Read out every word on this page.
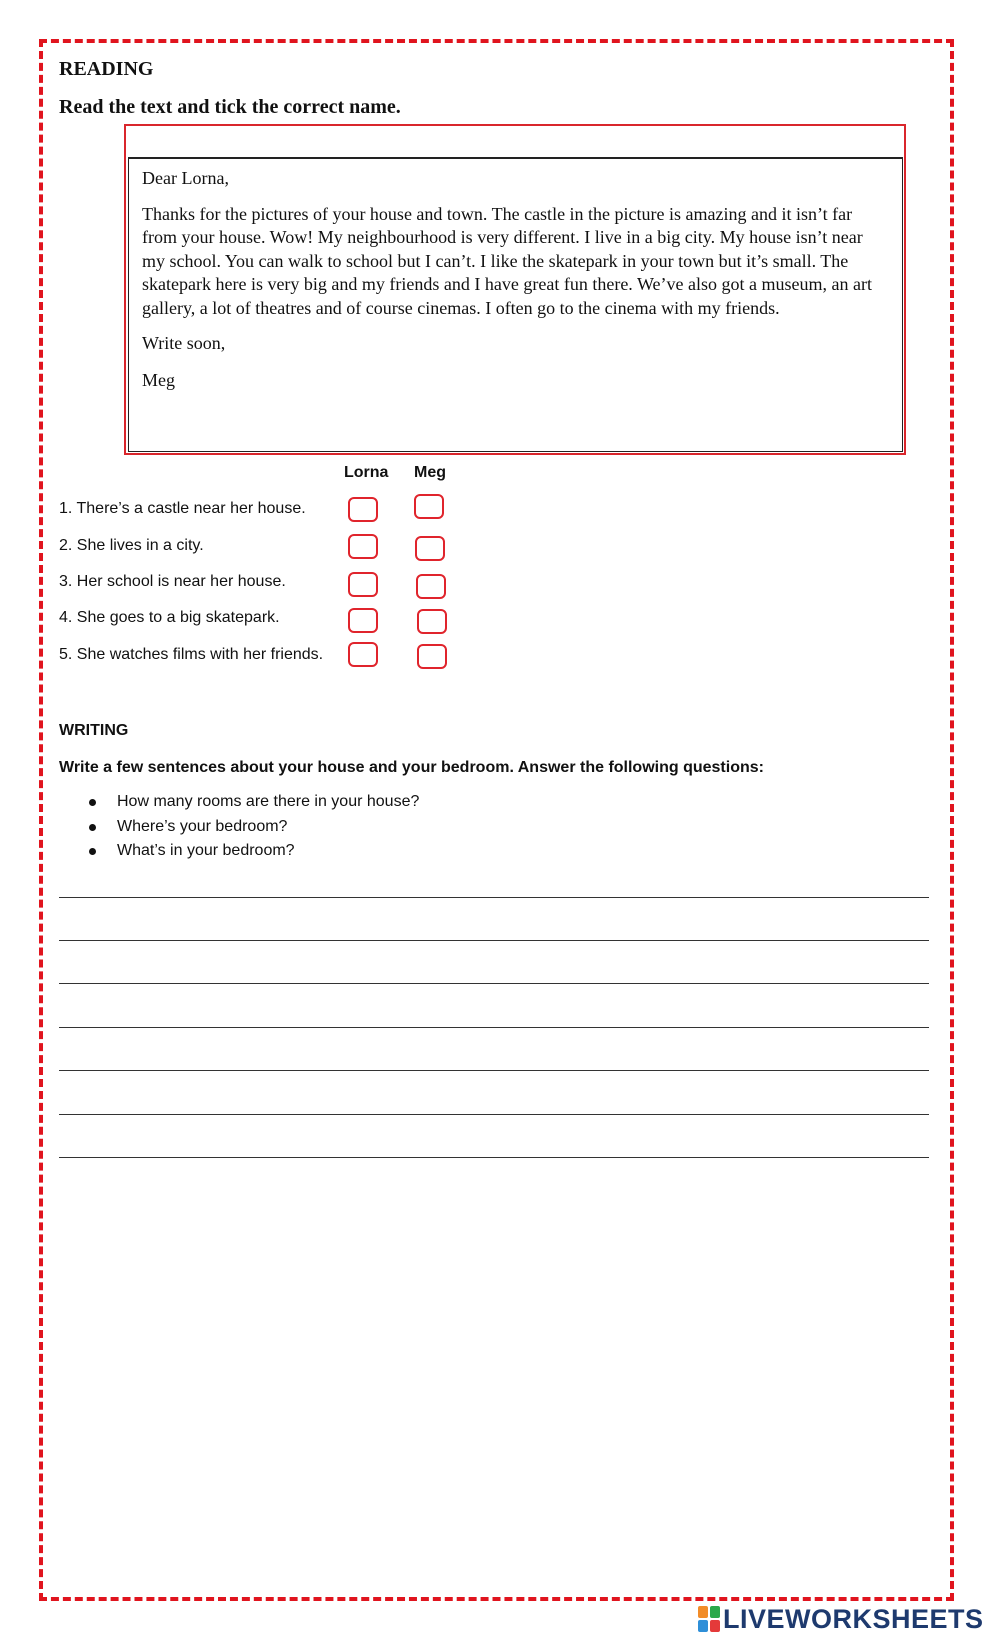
READING
Read the text and tick the correct name.

Dear Lorna,

Thanks for the pictures of your house and town. The castle in the picture is amazing and it isn’t far from your house. Wow! My neighbourhood is very different. I live in a big city. My house isn’t near my school. You can walk to school but I can’t. I like the skatepark in your town but it’s small. The skatepark here is very big and my friends and I have great fun there. We’ve also got a museum, an art gallery, a lot of theatres and of course cinemas. I often go to the cinema with my friends.

Write soon,

Meg

Lorna Meg
1. There’s a castle near her house.
2. She lives in a city.
3. Her school is near her house.
4. She goes to a big skatepark.
5. She watches films with her friends.
WRITING
Write a few sentences about your house and your bedroom. Answer the following questions:
How many rooms are there in your house?
Where’s your bedroom?
What’s in your bedroom?
LIVEWORKSHEETS
